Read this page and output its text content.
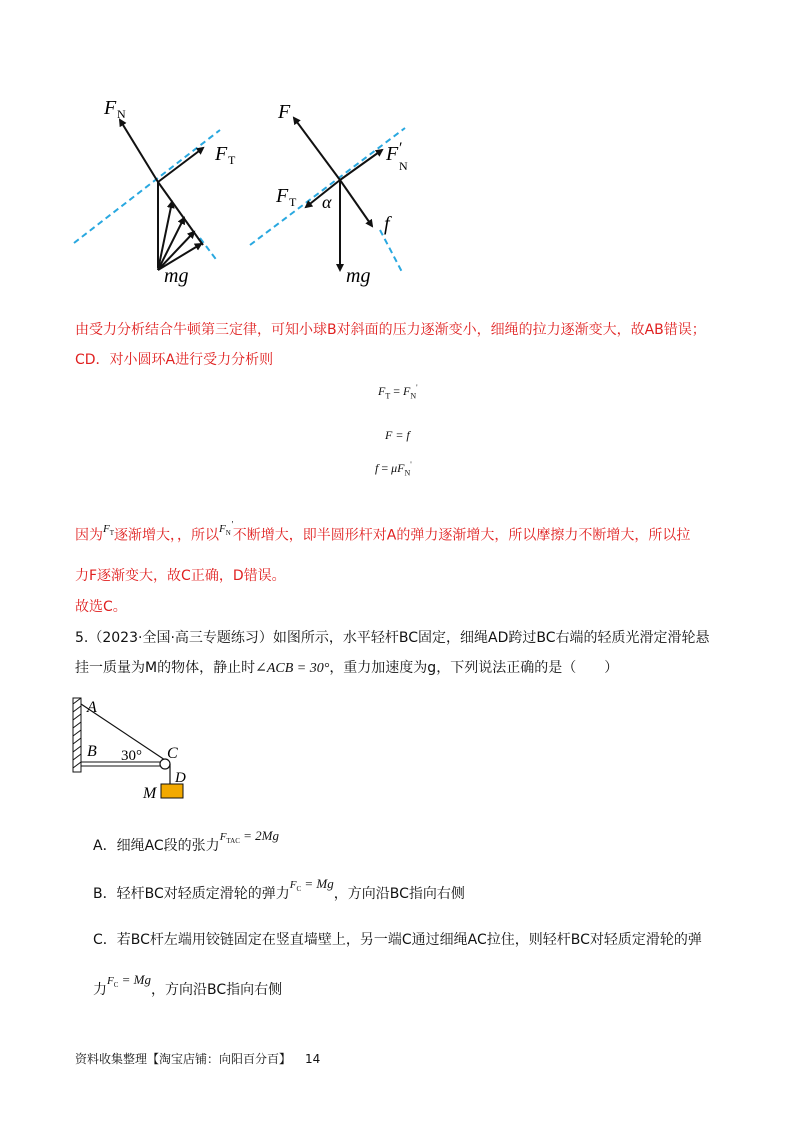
F N
F T
mg
F
F
N
′
F T α
f
mg
由受力分析结合牛顿第三定律，可知小球B对斜面的压力逐渐变小，细绳的拉力逐渐变大，故AB错误；
CD．对小圆环A进行受力分析则
$F_T = F_N'$
F = f
$f = \mu F_N'$
因为$^{F_T}$逐渐增大，，所以$^{F_N'}$不断增大，即半圆形杆对A的弹力逐渐增大，所以摩擦力不断增大，所以拉
力F逐渐变大，故C正确，D错误。
故选C。
5.（2023·全国·高三专题练习）如图所示，水平轻杆BC固定，细绳AD跨过BC右端的轻质光滑定滑轮悬
挂一质量为M的物体，静止时∠ACB = 30°，重力加速度为g，下列说法正确的是（　　）
A
B 30° C
D
M
A．细绳AC段的张力$^{F_{TAC} = 2Mg}$
B．轻杆BC对轻质定滑轮的弹力$^{F_C = Mg}$，方向沿BC指向右侧
C．若BC杆左端用铰链固定在竖直墙壁上，另一端C通过细绳AC拉住，则轻杆BC对轻质定滑轮的弹
力$^{F_C = Mg}$，方向沿BC指向右侧
资料收集整理【淘宝店铺：向阳百分百】 14
